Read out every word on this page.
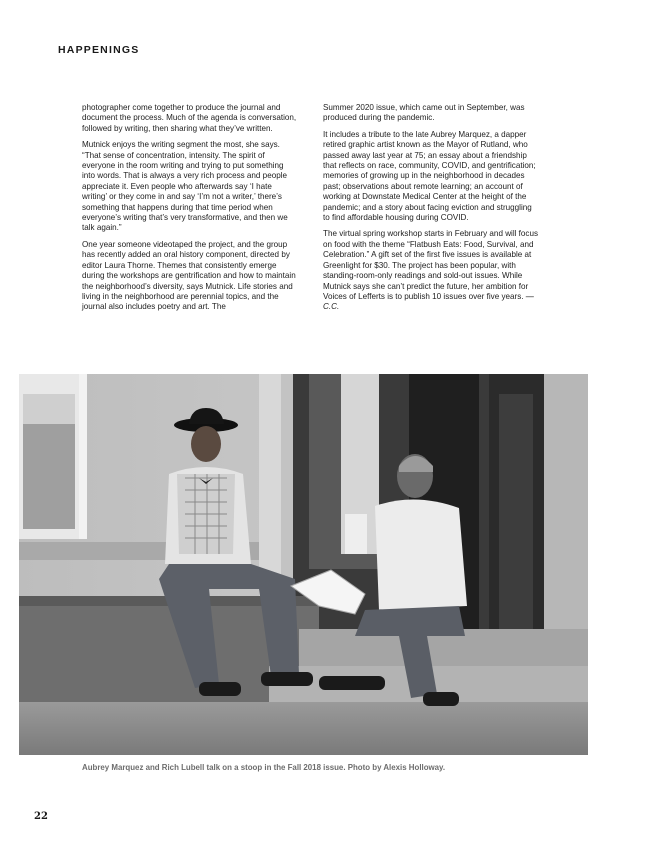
HAPPENINGS

photographer come together to produce the journal and document the process. Much of the agenda is conversation, followed by writing, then sharing what they’ve written.

Mutnick enjoys the writing segment the most, she says. “That sense of concentration, intensity. The spirit of everyone in the room writing and trying to put something into words. That is always a very rich process and people appreciate it. Even people who afterwards say ‘I hate writing’ or they come in and say ‘I’m not a writer,’ there’s something that happens during that time period when everyone’s writing that’s very transformative, and then we talk again.”

One year someone videotaped the project, and the group has recently added an oral history component, directed by editor Laura Thorne. Themes that consistently emerge during the workshops are gentrification and how to maintain the neighborhood’s diversity, says Mutnick. Life stories and living in the neighborhood are perennial topics, and the journal also includes poetry and art. The

Summer 2020 issue, which came out in September, was produced during the pandemic.

It includes a tribute to the late Aubrey Marquez, a dapper retired graphic artist known as the Mayor of Rutland, who passed away last year at 75; an essay about a friendship that reflects on race, community, COVID, and gentrification; memories of growing up in the neighborhood in decades past; observations about remote learning; an account of working at Downstate Medical Center at the height of the pandemic; and a story about facing eviction and struggling to find affordable housing during COVID.

The virtual spring workshop starts in February and will focus on food with the theme “Flatbush Eats: Food, Survival, and Celebration.” A gift set of the first five issues is available at Greenlight for $30. The project has been popular, with standing-room-only readings and sold-out issues. While Mutnick says she can’t predict the future, her ambition for Voices of Lefferts is to publish 10 issues over five years. —C.C.

Aubrey Marquez and Rich Lubell talk on a stoop in the Fall 2018 issue. Photo by Alexis Holloway.
22
